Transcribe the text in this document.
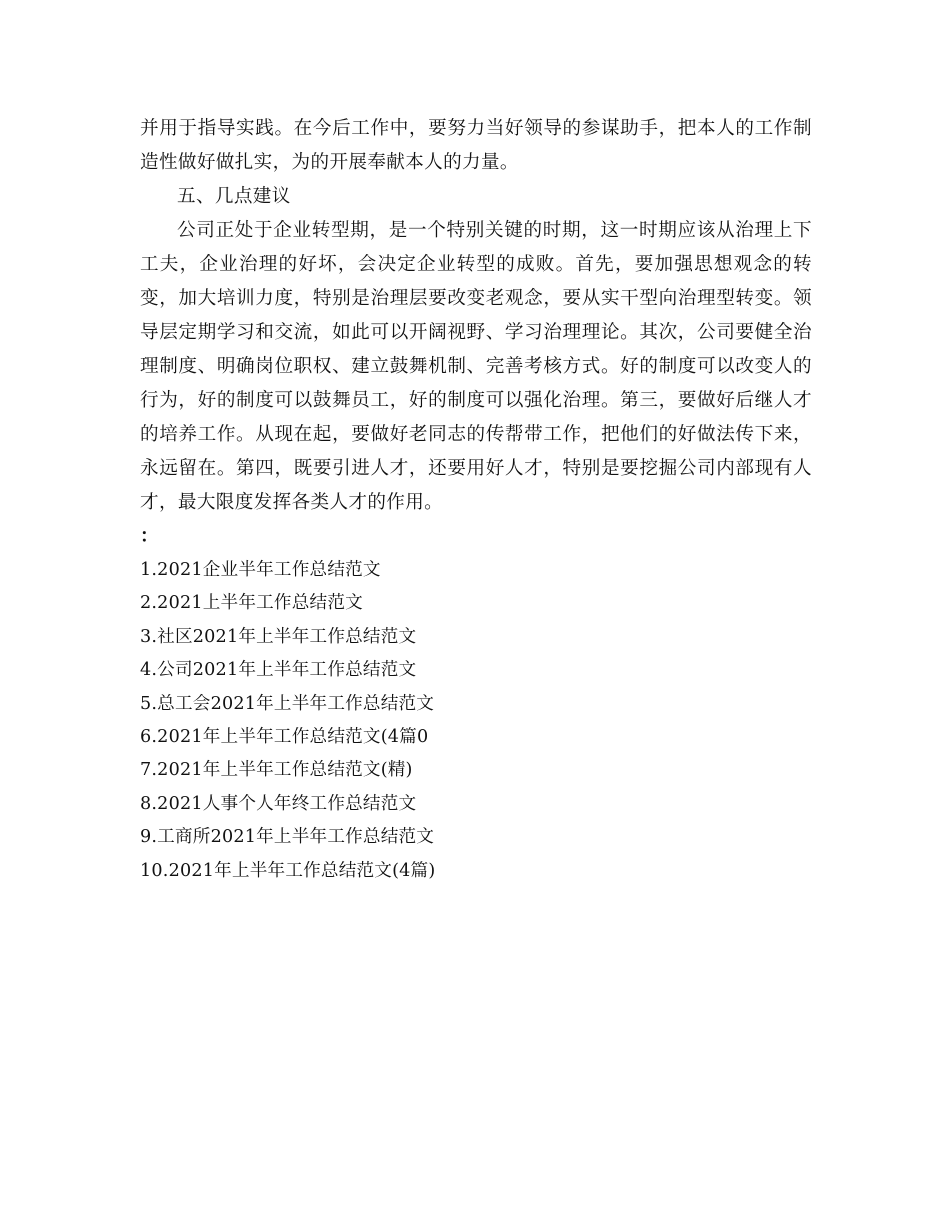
并用于指导实践。在今后工作中，要努力当好领导的参谋助手，把本人的工作制造性做好做扎实，为的开展奉献本人的力量。

五、几点建议

公司正处于企业转型期，是一个特别关键的时期，这一时期应该从治理上下工夫，企业治理的好坏，会决定企业转型的成败。首先，要加强思想观念的转变，加大培训力度，特别是治理层要改变老观念，要从实干型向治理型转变。领导层定期学习和交流，如此可以开阔视野、学习治理理论。其次，公司要健全治理制度、明确岗位职权、建立鼓舞机制、完善考核方式。好的制度可以改变人的行为，好的制度可以鼓舞员工，好的制度可以强化治理。第三，要做好后继人才的培养工作。从现在起，要做好老同志的传帮带工作，把他们的好做法传下来，永远留在。第四，既要引进人才，还要用好人才，特别是要挖掘公司内部现有人才，最大限度发挥各类人才的作用。

：

1.2021企业半年工作总结范文
2.2021上半年工作总结范文
3.社区2021年上半年工作总结范文
4.公司2021年上半年工作总结范文
5.总工会2021年上半年工作总结范文
6.2021年上半年工作总结范文(4篇0
7.2021年上半年工作总结范文(精)
8.2021人事个人年终工作总结范文
9.工商所2021年上半年工作总结范文
10.2021年上半年工作总结范文(4篇)
